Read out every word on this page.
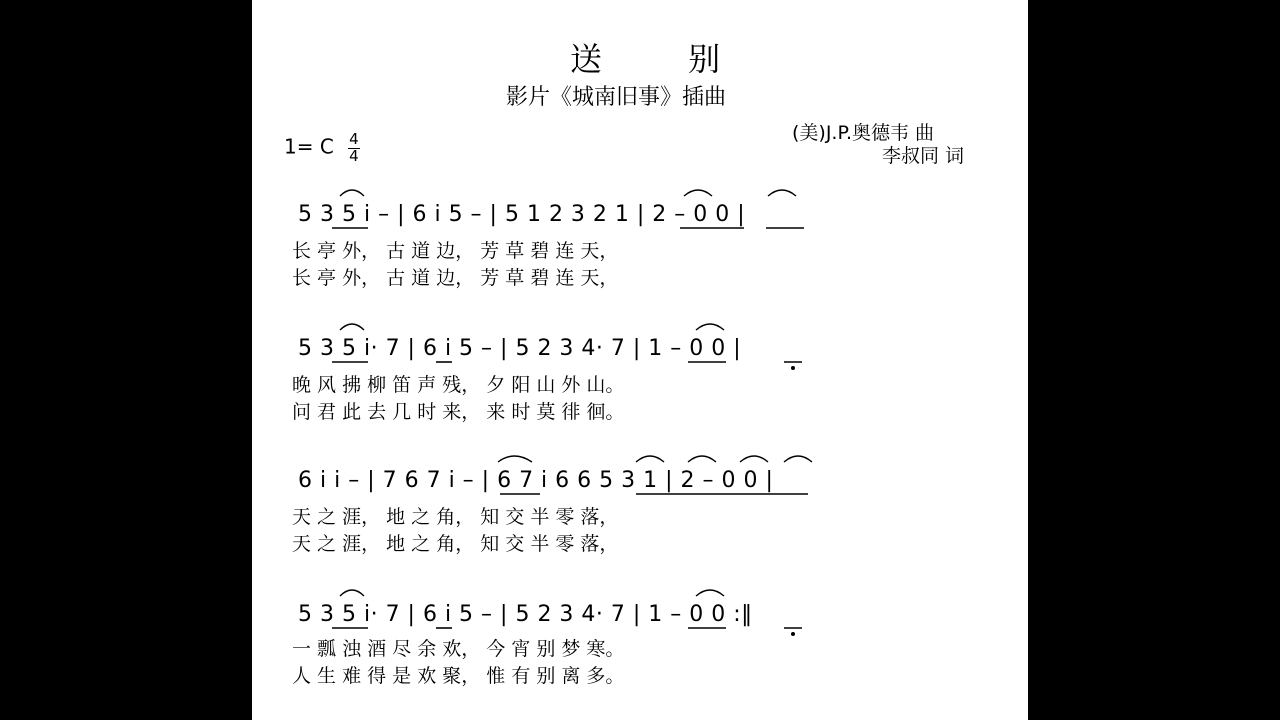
送 别
影片《城南旧事》插曲
(美)J.P.奥德韦 曲
李叔同 词
1= C $\frac{4}{4}$
5 3 5 i – | 6 i 5 – | 5 1 2 3 2 1 | 2 – 0 0 |
长 亭 外， 古 道 边， 芳 草 碧 连 天，
长 亭 外， 古 道 边， 芳 草 碧 连 天，
5 3 5 i· 7 | 6 i 5 – | 5 2 3 4· 7 | 1 – 0 0 |
晚 风 拂 柳 笛 声 残， 夕 阳 山 外 山。
问 君 此 去 几 时 来， 来 时 莫 徘 徊。
6 i i – | 7 6 7 i – | 6 7 i 6 6 5 3 1 | 2 – 0 0 |
天 之 涯， 地 之 角， 知 交 半 零 落，
天 之 涯， 地 之 角， 知 交 半 零 落，
5 3 5 i· 7 | 6 i 5 – | 5 2 3 4· 7 | 1 – 0 0 :‖
一 瓢 浊 酒 尽 余 欢， 今 宵 别 梦 寒。
人 生 难 得 是 欢 聚， 惟 有 别 离 多。
